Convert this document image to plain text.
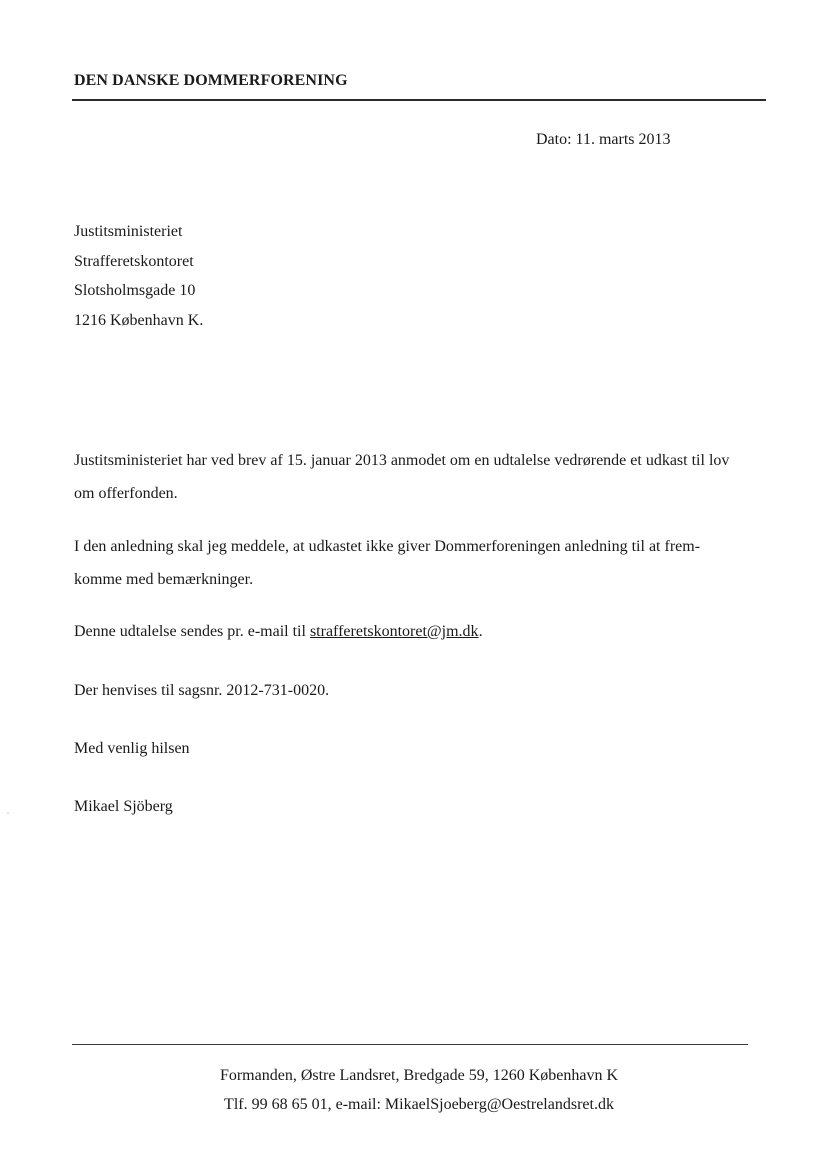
DEN DANSKE DOMMERFORENING
Dato: 11. marts 2013
Justitsministeriet
Strafferetskontoret
Slotsholmsgade 10
1216 København K.
Justitsministeriet har ved brev af 15. januar 2013 anmodet om en udtalelse vedrørende et udkast til lov
om offerfonden.
I den anledning skal jeg meddele, at udkastet ikke giver Dommerforeningen anledning til at frem-
komme med bemærkninger.
Denne udtalelse sendes pr. e-mail til strafferetskontoret@jm.dk.
Der henvises til sagsnr. 2012-731-0020.
Med venlig hilsen
Mikael Sjöberg
Formanden, Østre Landsret, Bredgade 59, 1260 København K
Tlf. 99 68 65 01, e-mail: MikaelSjoeberg@Oestrelandsret.dk
